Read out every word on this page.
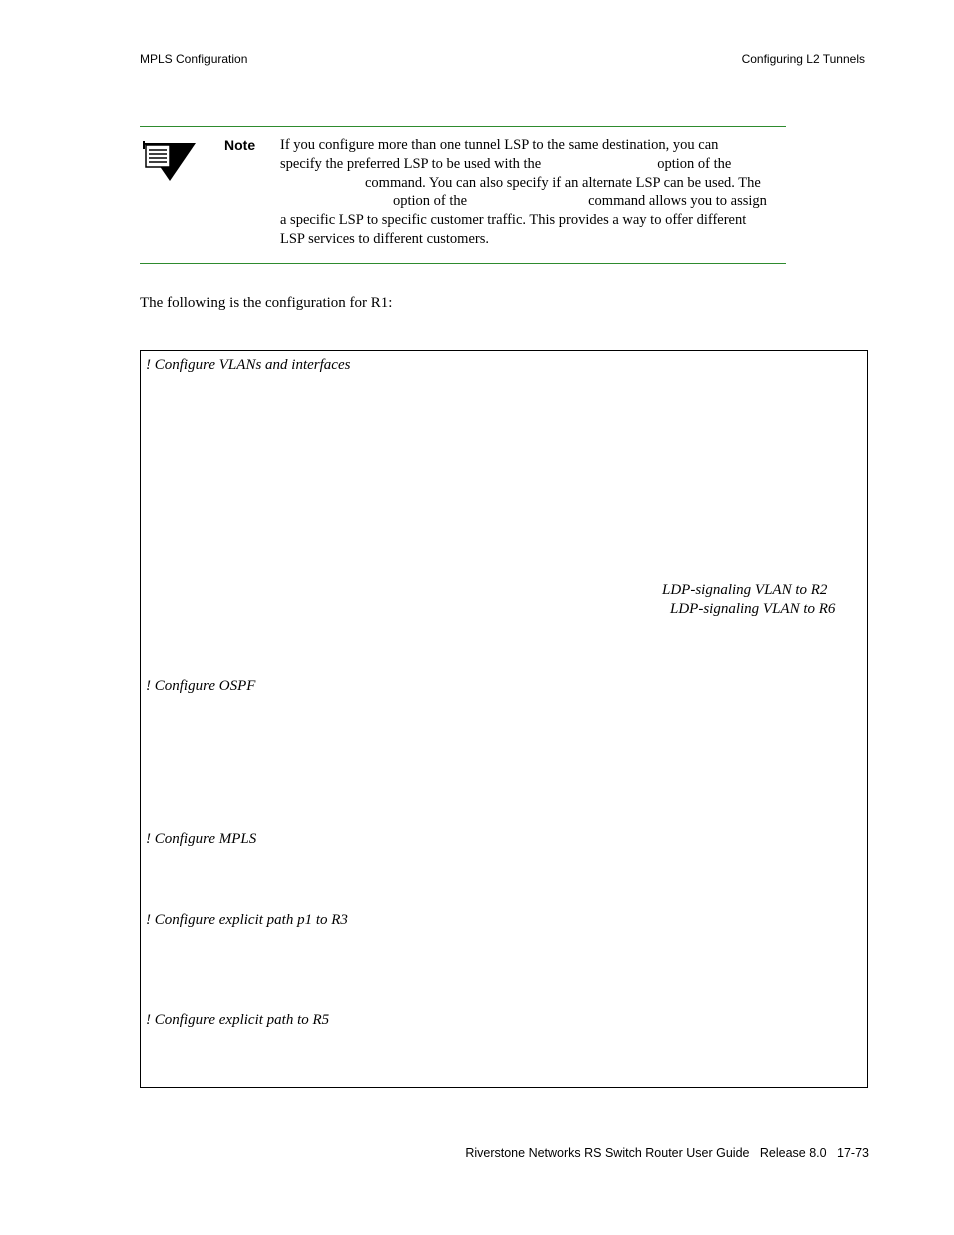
MPLS Configuration	Configuring L2 Tunnels
Note If you configure more than one tunnel LSP to the same destination, you can
specify the preferred LSP to be used with the	option of the
command. You can also specify if an alternate LSP can be used. The
option of the	command allows you to assign
a specific LSP to specific customer traffic. This provides a way to offer different
LSP services to different customers.
The following is the configuration for R1:
! Configure VLANs and interfaces
LDP-signaling VLAN to R2
LDP-signaling VLAN to R6
! Configure OSPF
! Configure MPLS
! Configure explicit path p1 to R3
! Configure explicit path to R5
Riverstone Networks RS Switch Router User Guide   Release 8.0   17-73
